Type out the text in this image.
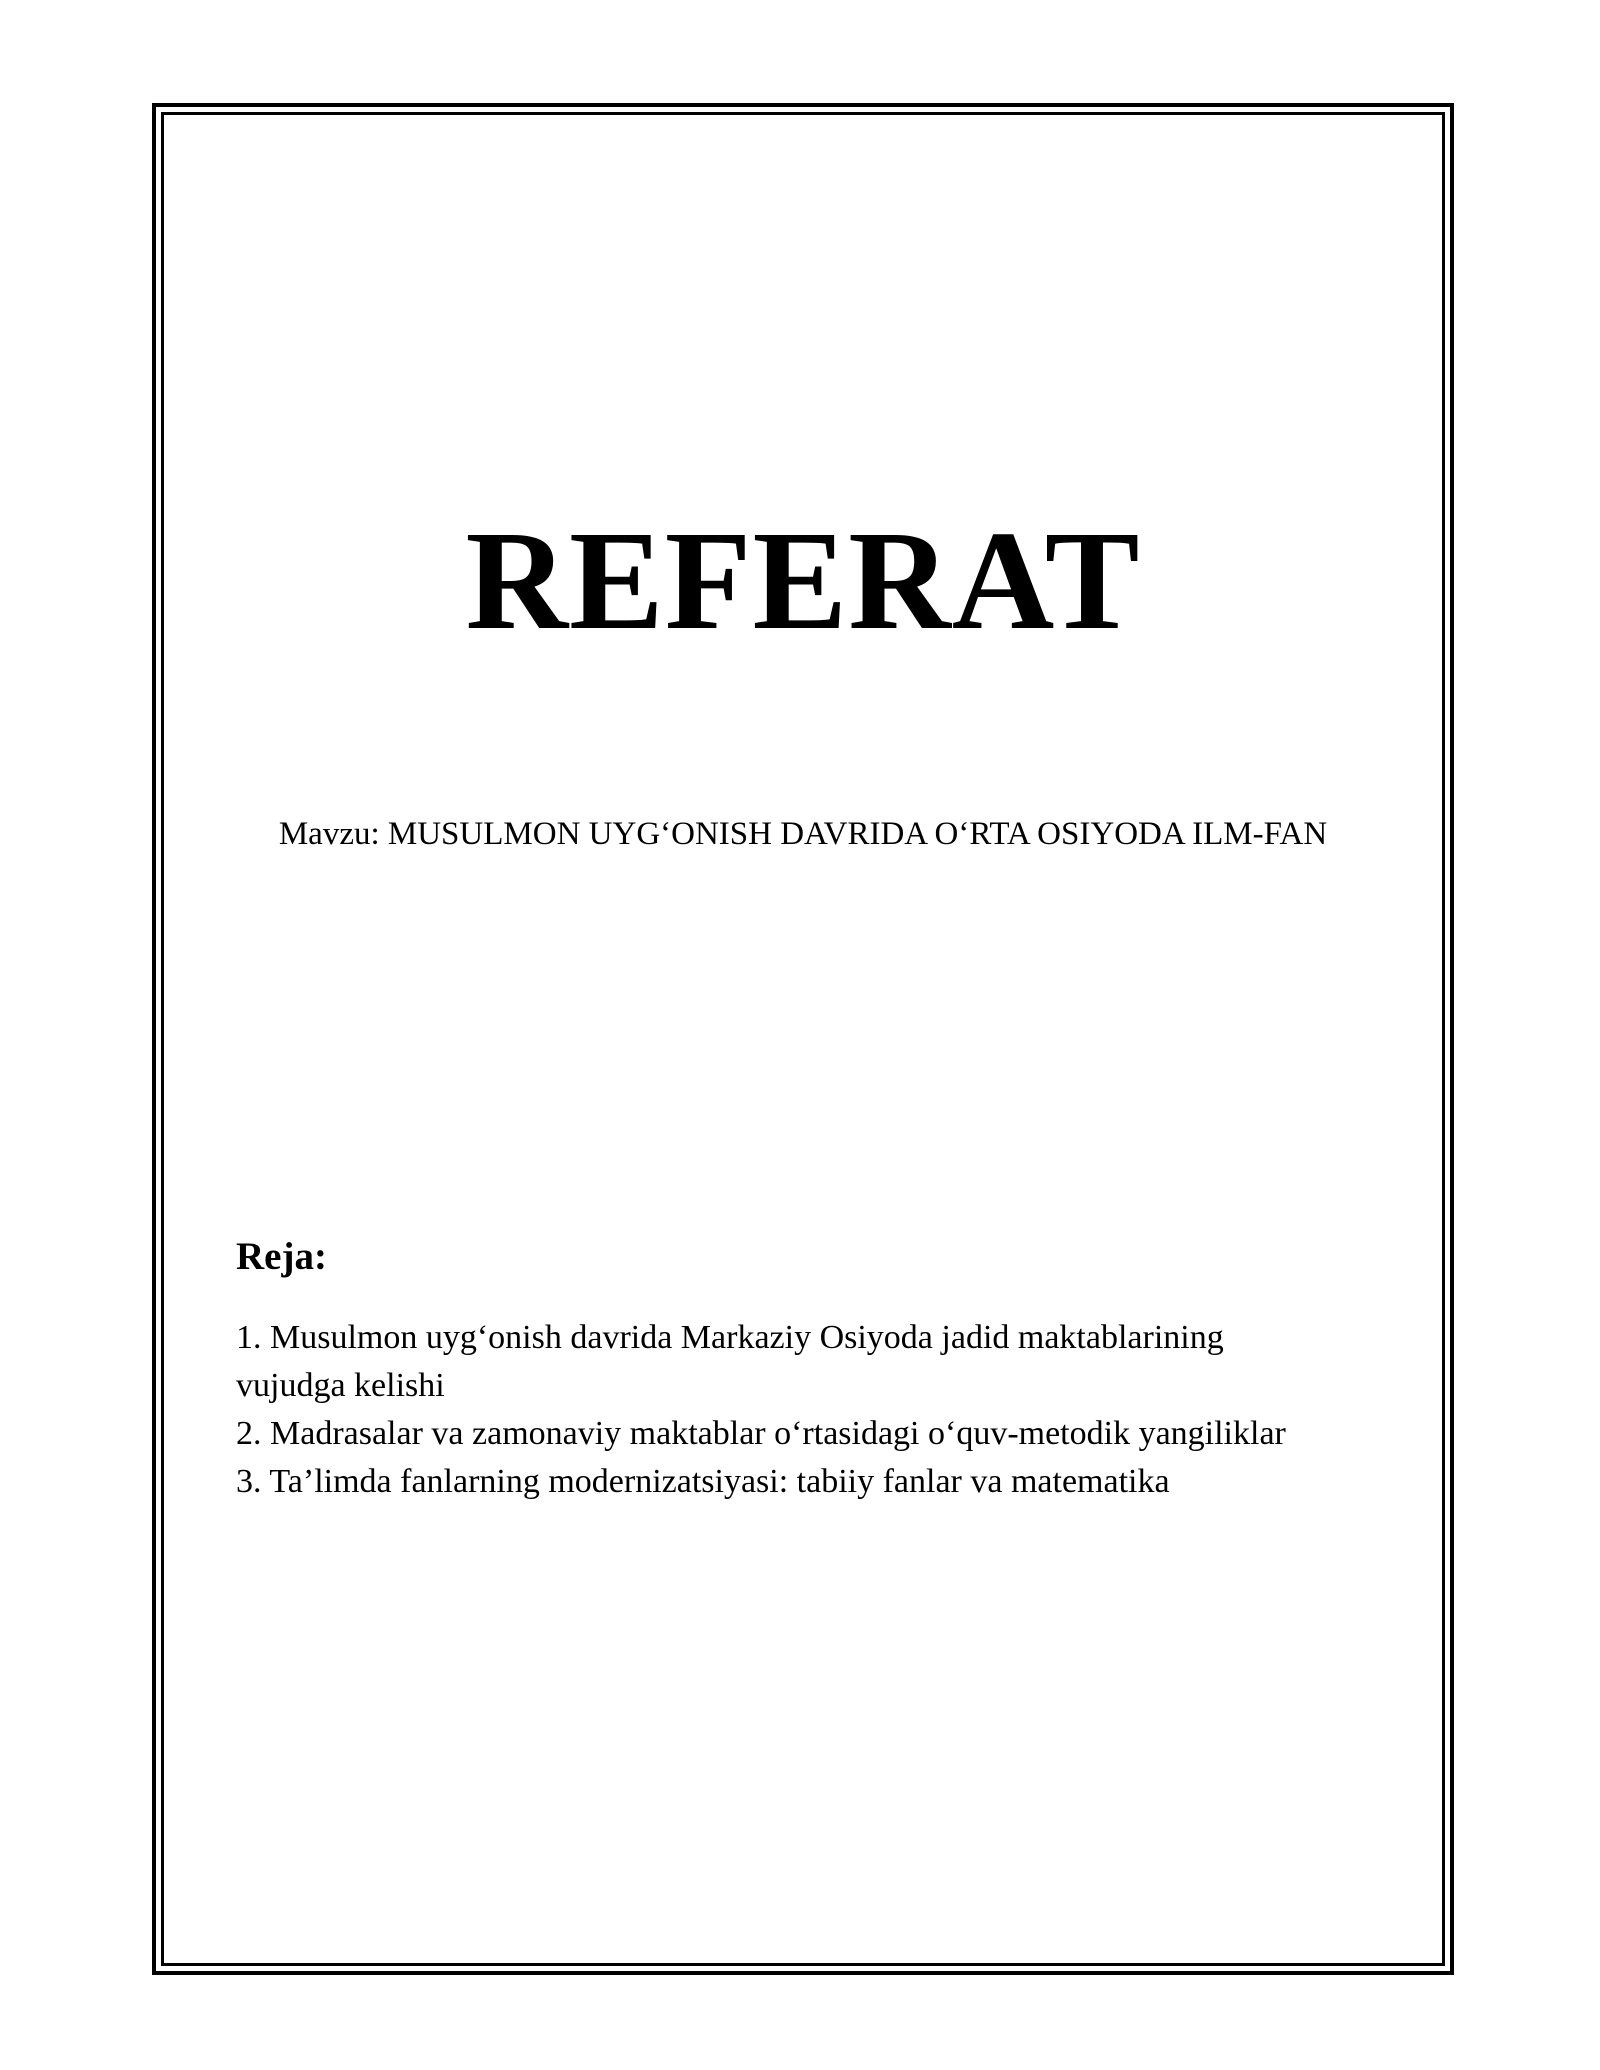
REFERAT

Mavzu: MUSULMON UYG‘ONISH DAVRIDA O‘RTA OSIYODA ILM-FAN

Reja:
1. Musulmon uyg‘onish davrida Markaziy Osiyoda jadid maktablarining vujudga kelishi
2. Madrasalar va zamonaviy maktablar o‘rtasidagi o‘quv-metodik yangiliklar
3. Ta’limda fanlarning modernizatsiyasi: tabiiy fanlar va matematika
